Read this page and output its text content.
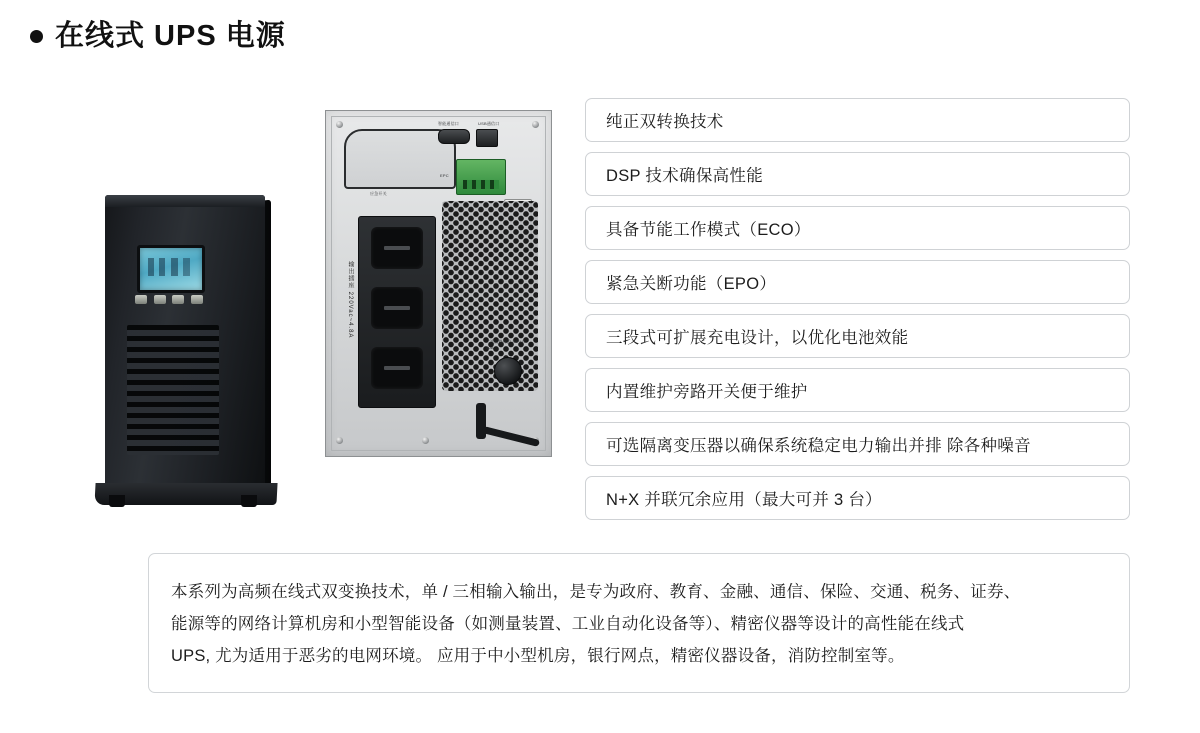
在线式 UPS 电源
智能通信口	USB通信口
EPC
应急开关
输出插座 220Vac~4.8A
二次回路保护 INPUT 30A
纯正双转换技术
DSP 技术确保高性能
具备节能工作模式（ECO）
紧急关断功能（EPO）
三段式可扩展充电设计，以优化电池效能
内置维护旁路开关便于维护
可选隔离变压器以确保系统稳定电力输出并排 除各种噪音
N+X 并联冗余应用（最大可并 3 台）
本系列为高频在线式双变换技术，单 / 三相输入输出，是专为政府、教育、金融、通信、保险、交通、税务、证券、
能源等的网络计算机房和小型智能设备（如测量装置、工业自动化设备等）、精密仪器等设计的高性能在线式
UPS, 尤为适用于恶劣的电网环境。 应用于中小型机房，银行网点，精密仪器设备，消防控制室等。
